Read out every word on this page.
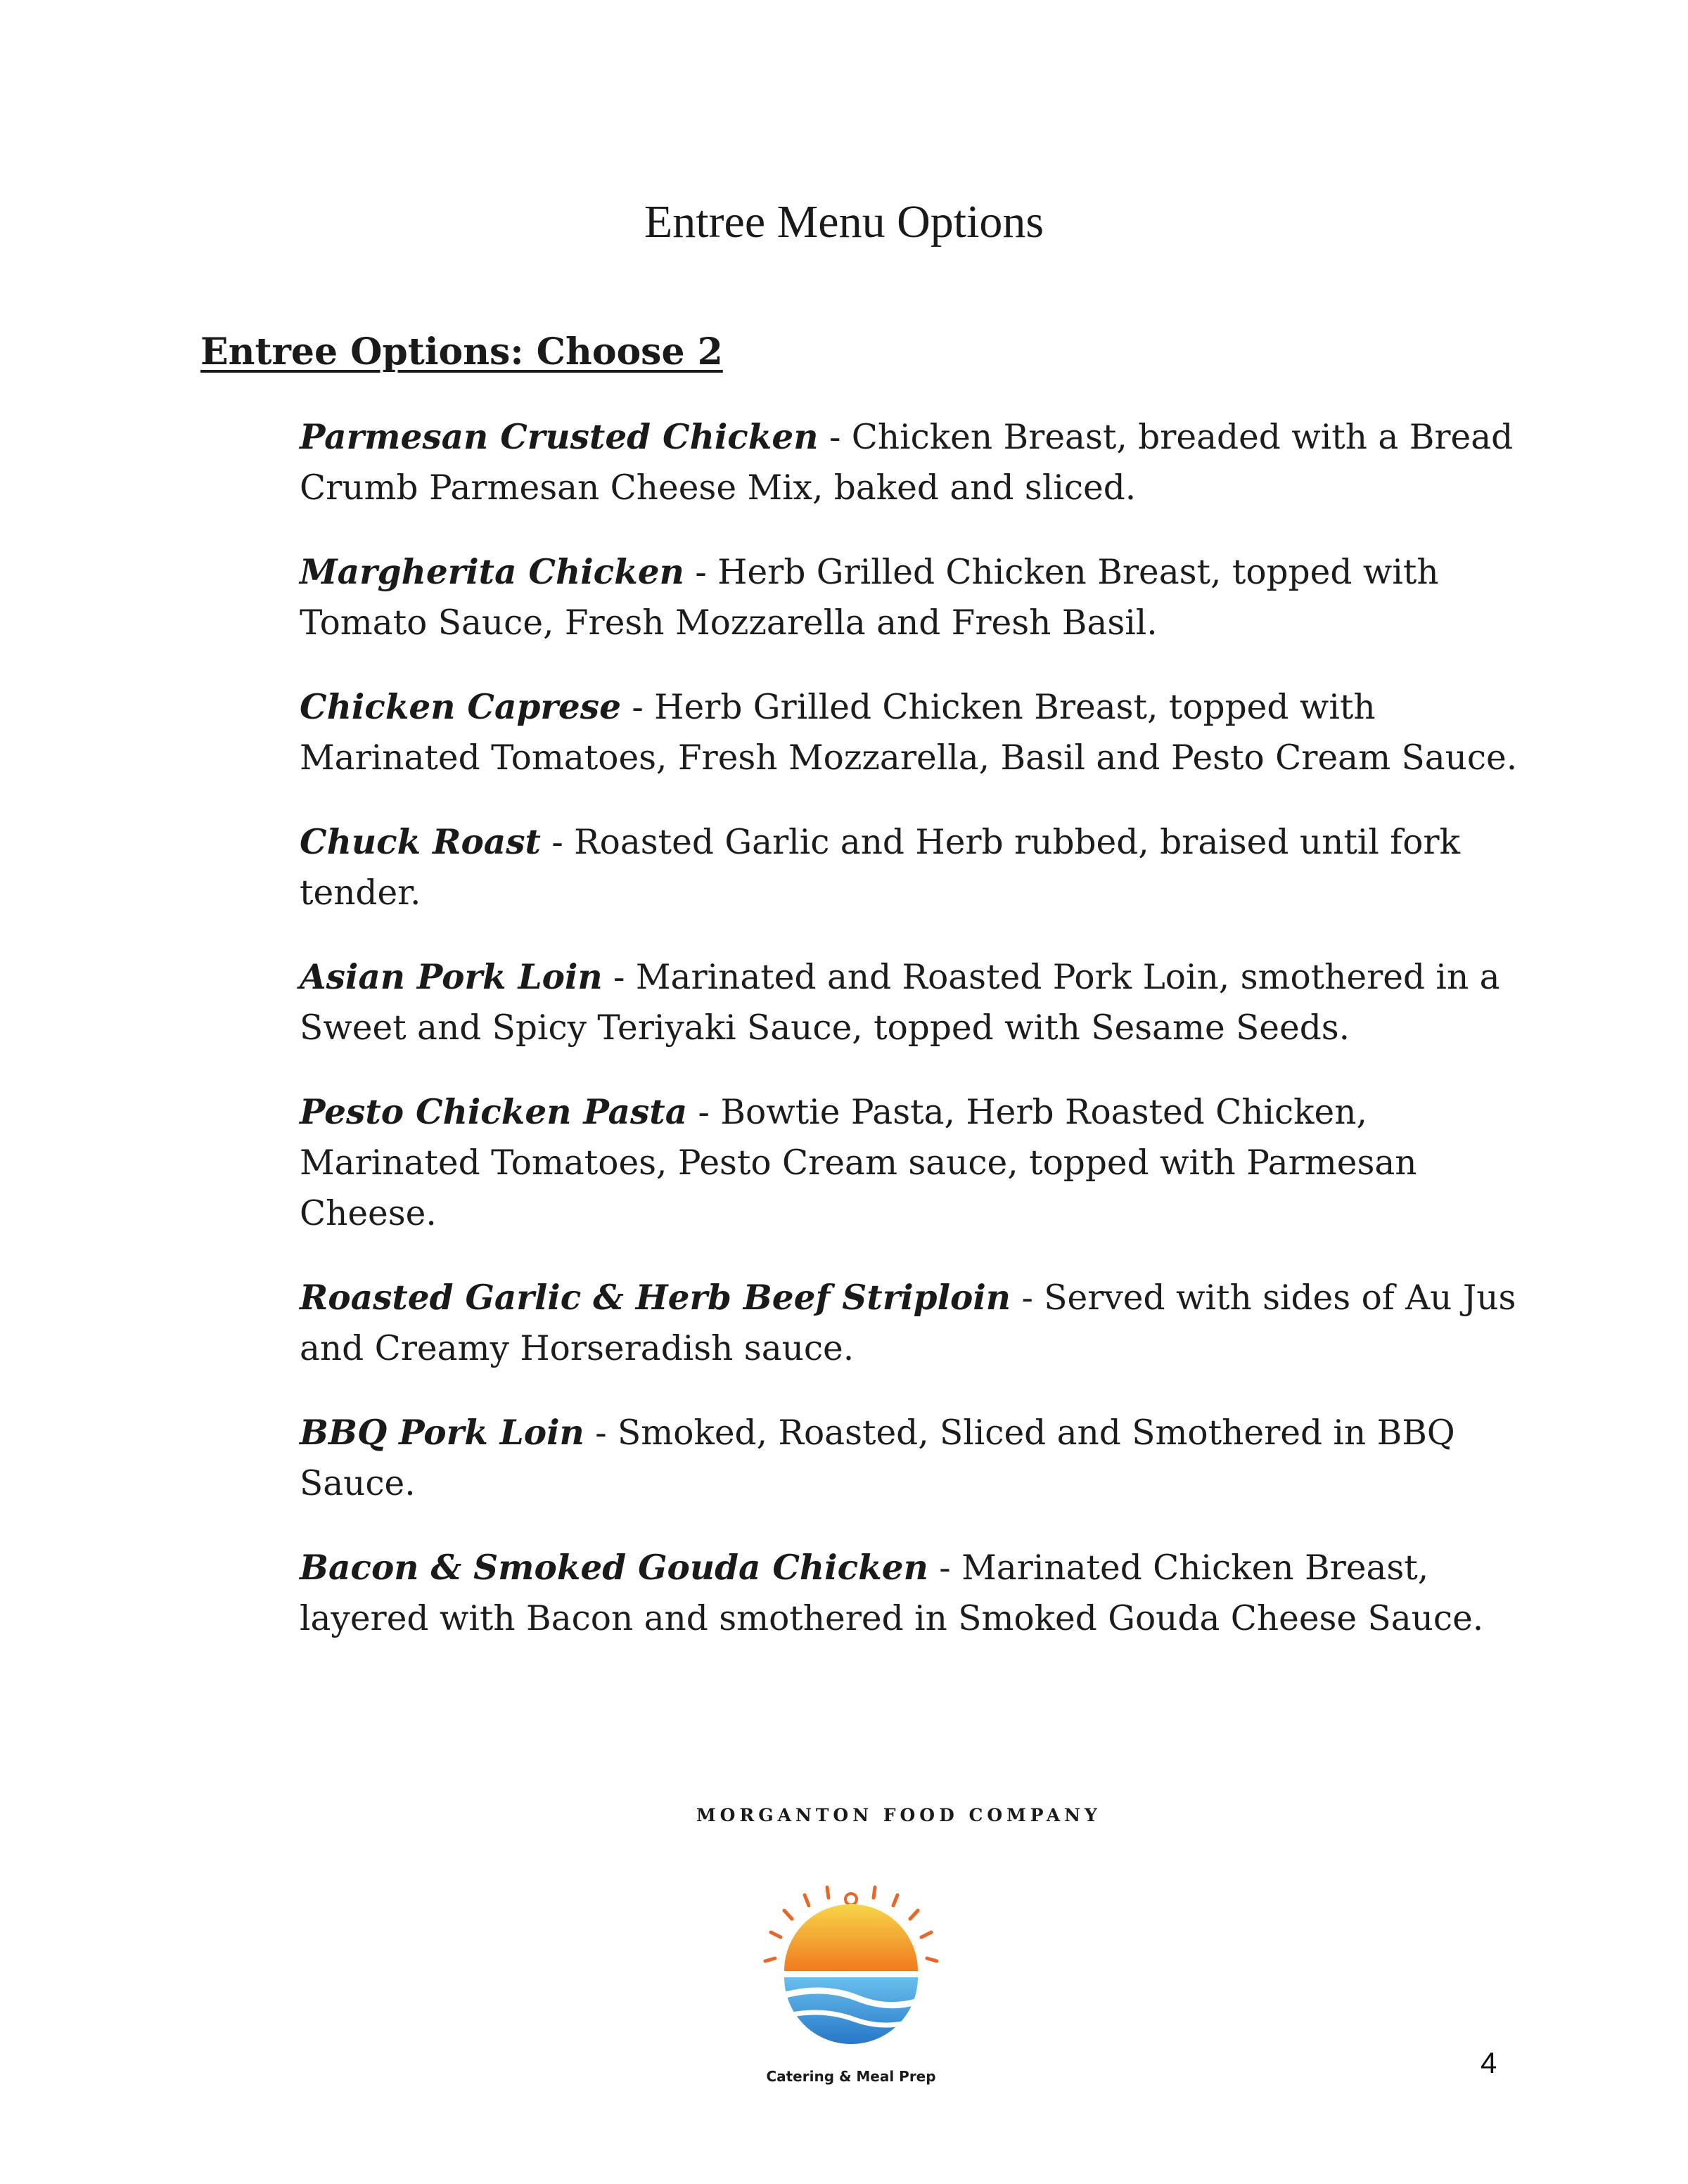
Entree Menu Options
Entree Options: Choose 2
Parmesan Crusted Chicken - Chicken Breast, breaded with a Bread Crumb Parmesan Cheese Mix, baked and sliced.
Margherita Chicken - Herb Grilled Chicken Breast, topped with Tomato Sauce, Fresh Mozzarella and Fresh Basil.
Chicken Caprese - Herb Grilled Chicken Breast, topped with Marinated Tomatoes, Fresh Mozzarella, Basil and Pesto Cream Sauce.
Chuck Roast - Roasted Garlic and Herb rubbed, braised until fork tender.
Asian Pork Loin - Marinated and Roasted Pork Loin, smothered in a Sweet and Spicy Teriyaki Sauce, topped with Sesame Seeds.
Pesto Chicken Pasta - Bowtie Pasta, Herb Roasted Chicken, Marinated Tomatoes, Pesto Cream sauce, topped with Parmesan Cheese.
Roasted Garlic & Herb Beef Striploin - Served with sides of Au Jus and Creamy Horseradish sauce.
BBQ Pork Loin - Smoked, Roasted, Sliced and Smothered in BBQ Sauce.
Bacon & Smoked Gouda Chicken - Marinated Chicken Breast, layered with Bacon and smothered in Smoked Gouda Cheese Sauce.
MORGANTON FOOD COMPANY
Catering & Meal Prep	4
